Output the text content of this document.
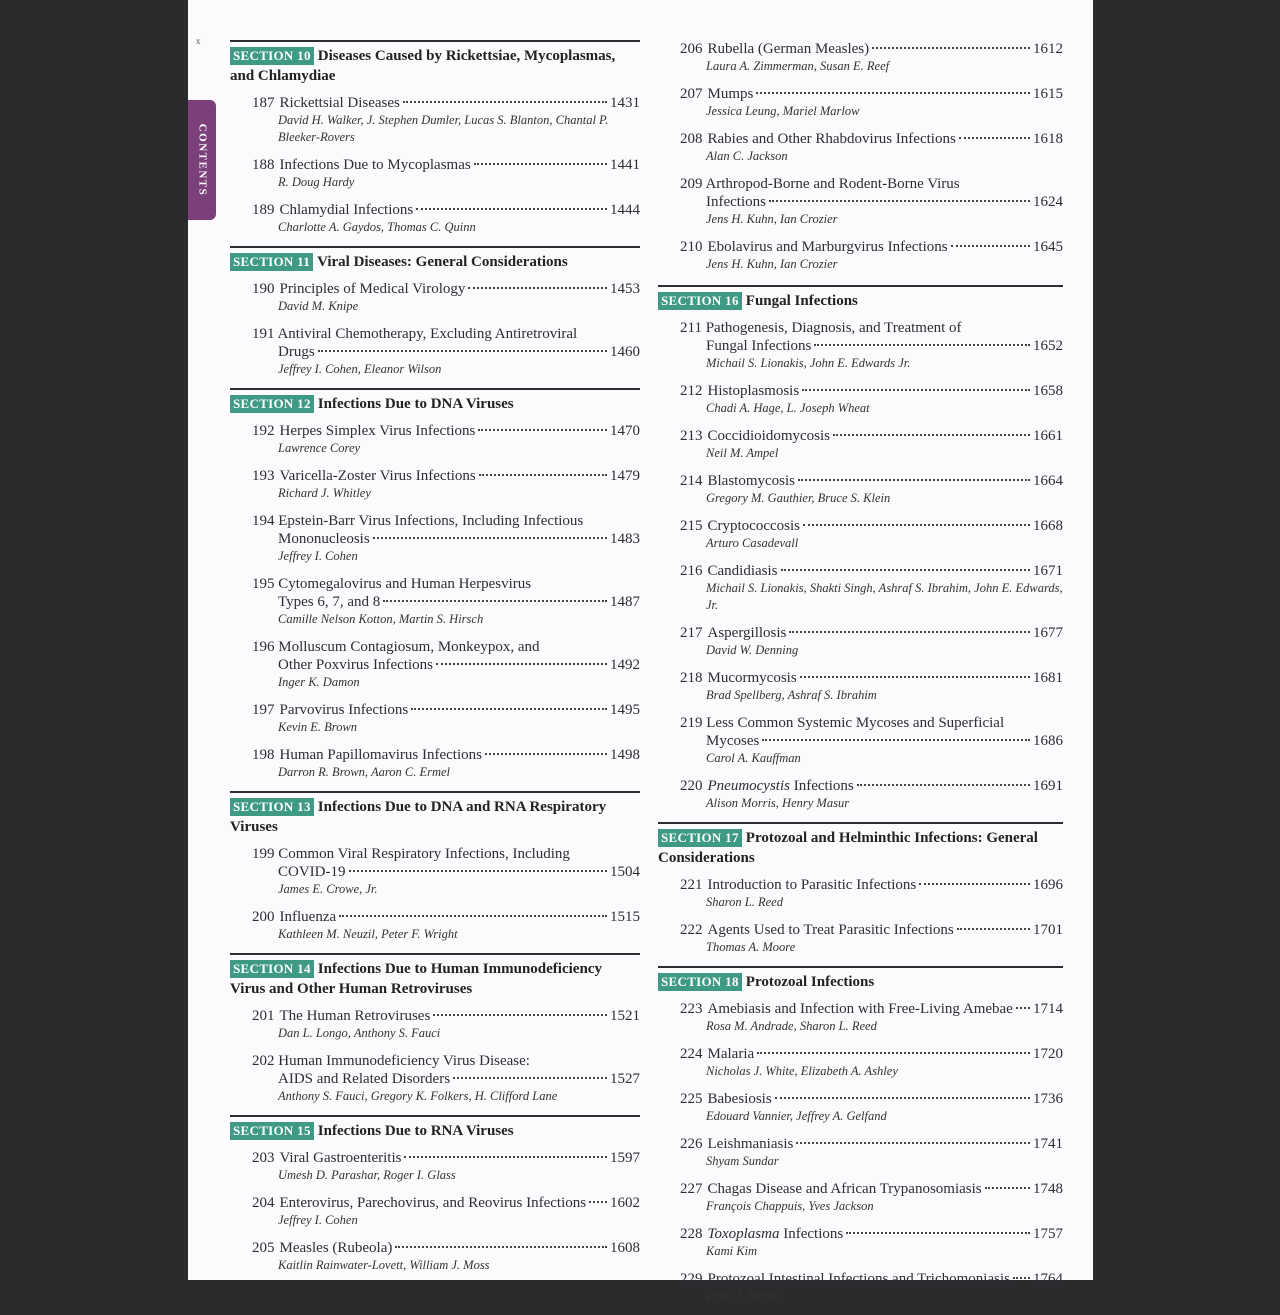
x
CONTENTS
SECTION 10 Diseases Caused by Rickettsiae, Mycoplasmas, and Chlamydiae
187 Rickettsial Diseases	1431
David H. Walker, J. Stephen Dumler, Lucas S. Blanton, Chantal P. Bleeker-Rovers
188 Infections Due to Mycoplasmas	1441
R. Doug Hardy
189 Chlamydial Infections	1444
Charlotte A. Gaydos, Thomas C. Quinn
SECTION 11 Viral Diseases: General Considerations
190 Principles of Medical Virology	1453
David M. Knipe
191 Antiviral Chemotherapy, Excluding Antiretroviral
Drugs	1460
Jeffrey I. Cohen, Eleanor Wilson
SECTION 12 Infections Due to DNA Viruses
192 Herpes Simplex Virus Infections	1470
Lawrence Corey
193 Varicella-Zoster Virus Infections	1479
Richard J. Whitley
194 Epstein-Barr Virus Infections, Including Infectious
Mononucleosis	1483
Jeffrey I. Cohen
195 Cytomegalovirus and Human Herpesvirus
Types 6, 7, and 8	1487
Camille Nelson Kotton, Martin S. Hirsch
196 Molluscum Contagiosum, Monkeypox, and
Other Poxvirus Infections	1492
Inger K. Damon
197 Parvovirus Infections	1495
Kevin E. Brown
198 Human Papillomavirus Infections	1498
Darron R. Brown, Aaron C. Ermel
SECTION 13 Infections Due to DNA and RNA Respiratory Viruses
199 Common Viral Respiratory Infections, Including
COVID-19	1504
James E. Crowe, Jr.
200 Influenza	1515
Kathleen M. Neuzil, Peter F. Wright
SECTION 14 Infections Due to Human Immunodeficiency Virus and Other Human Retroviruses
201 The Human Retroviruses	1521
Dan L. Longo, Anthony S. Fauci
202 Human Immunodeficiency Virus Disease:
AIDS and Related Disorders	1527
Anthony S. Fauci, Gregory K. Folkers, H. Clifford Lane
SECTION 15 Infections Due to RNA Viruses
203 Viral Gastroenteritis	1597
Umesh D. Parashar, Roger I. Glass
204 Enterovirus, Parechovirus, and Reovirus Infections 1602
Jeffrey I. Cohen
205 Measles (Rubeola)	1608
Kaitlin Rainwater-Lovett, William J. Moss
206 Rubella (German Measles)	1612
Laura A. Zimmerman, Susan E. Reef
207 Mumps	1615
Jessica Leung, Mariel Marlow
208 Rabies and Other Rhabdovirus Infections	1618
Alan C. Jackson
209 Arthropod-Borne and Rodent-Borne Virus
Infections	1624
Jens H. Kuhn, Ian Crozier
210 Ebolavirus and Marburgvirus Infections	1645
Jens H. Kuhn, Ian Crozier
SECTION 16 Fungal Infections
211 Pathogenesis, Diagnosis, and Treatment of
Fungal Infections	1652
Michail S. Lionakis, John E. Edwards Jr.
212 Histoplasmosis	1658
Chadi A. Hage, L. Joseph Wheat
213 Coccidioidomycosis	1661
Neil M. Ampel
214 Blastomycosis	1664
Gregory M. Gauthier, Bruce S. Klein
215 Cryptococcosis	1668
Arturo Casadevall
216 Candidiasis	1671
Michail S. Lionakis, Shakti Singh, Ashraf S. Ibrahim, John E. Edwards, Jr.
217 Aspergillosis	1677
David W. Denning
218 Mucormycosis	1681
Brad Spellberg, Ashraf S. Ibrahim
219 Less Common Systemic Mycoses and Superficial
Mycoses	1686
Carol A. Kauffman
220 Pneumocystis Infections	1691
Alison Morris, Henry Masur
SECTION 17 Protozoal and Helminthic Infections: General Considerations
221 Introduction to Parasitic Infections	1696
Sharon L. Reed
222 Agents Used to Treat Parasitic Infections	1701
Thomas A. Moore
SECTION 18 Protozoal Infections
223 Amebiasis and Infection with Free-Living Amebae 1714
Rosa M. Andrade, Sharon L. Reed
224 Malaria	1720
Nicholas J. White, Elizabeth A. Ashley
225 Babesiosis	1736
Edouard Vannier, Jeffrey A. Gelfand
226 Leishmaniasis	1741
Shyam Sundar
227 Chagas Disease and African Trypanosomiasis	1748
François Chappuis, Yves Jackson
228 Toxoplasma Infections	1757
Kami Kim
229 Protozoal Intestinal Infections and Trichomoniasis 1764
Peter F. Weller
